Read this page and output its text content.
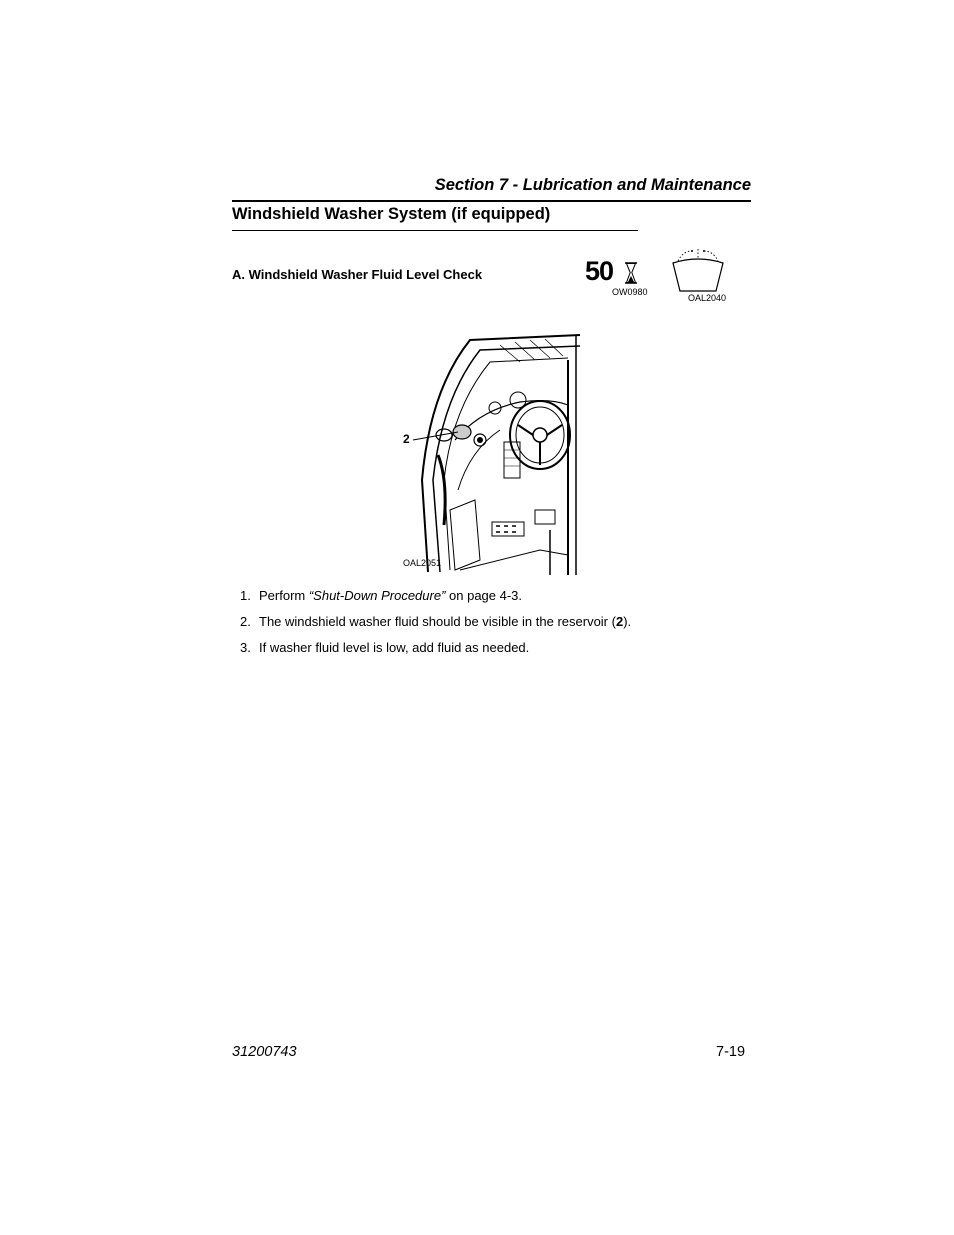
Section 7 - Lubrication and Maintenance
Windshield Washer System (if equipped)
A. Windshield Washer Fluid Level Check	50
OW0980
OAL2040
2
OAL2051
1. Perform “Shut-Down Procedure” on page 4-3.
2. The windshield washer fluid should be visible in the reservoir (2).
3. If washer fluid level is low, add fluid as needed.
31200743	7-19
